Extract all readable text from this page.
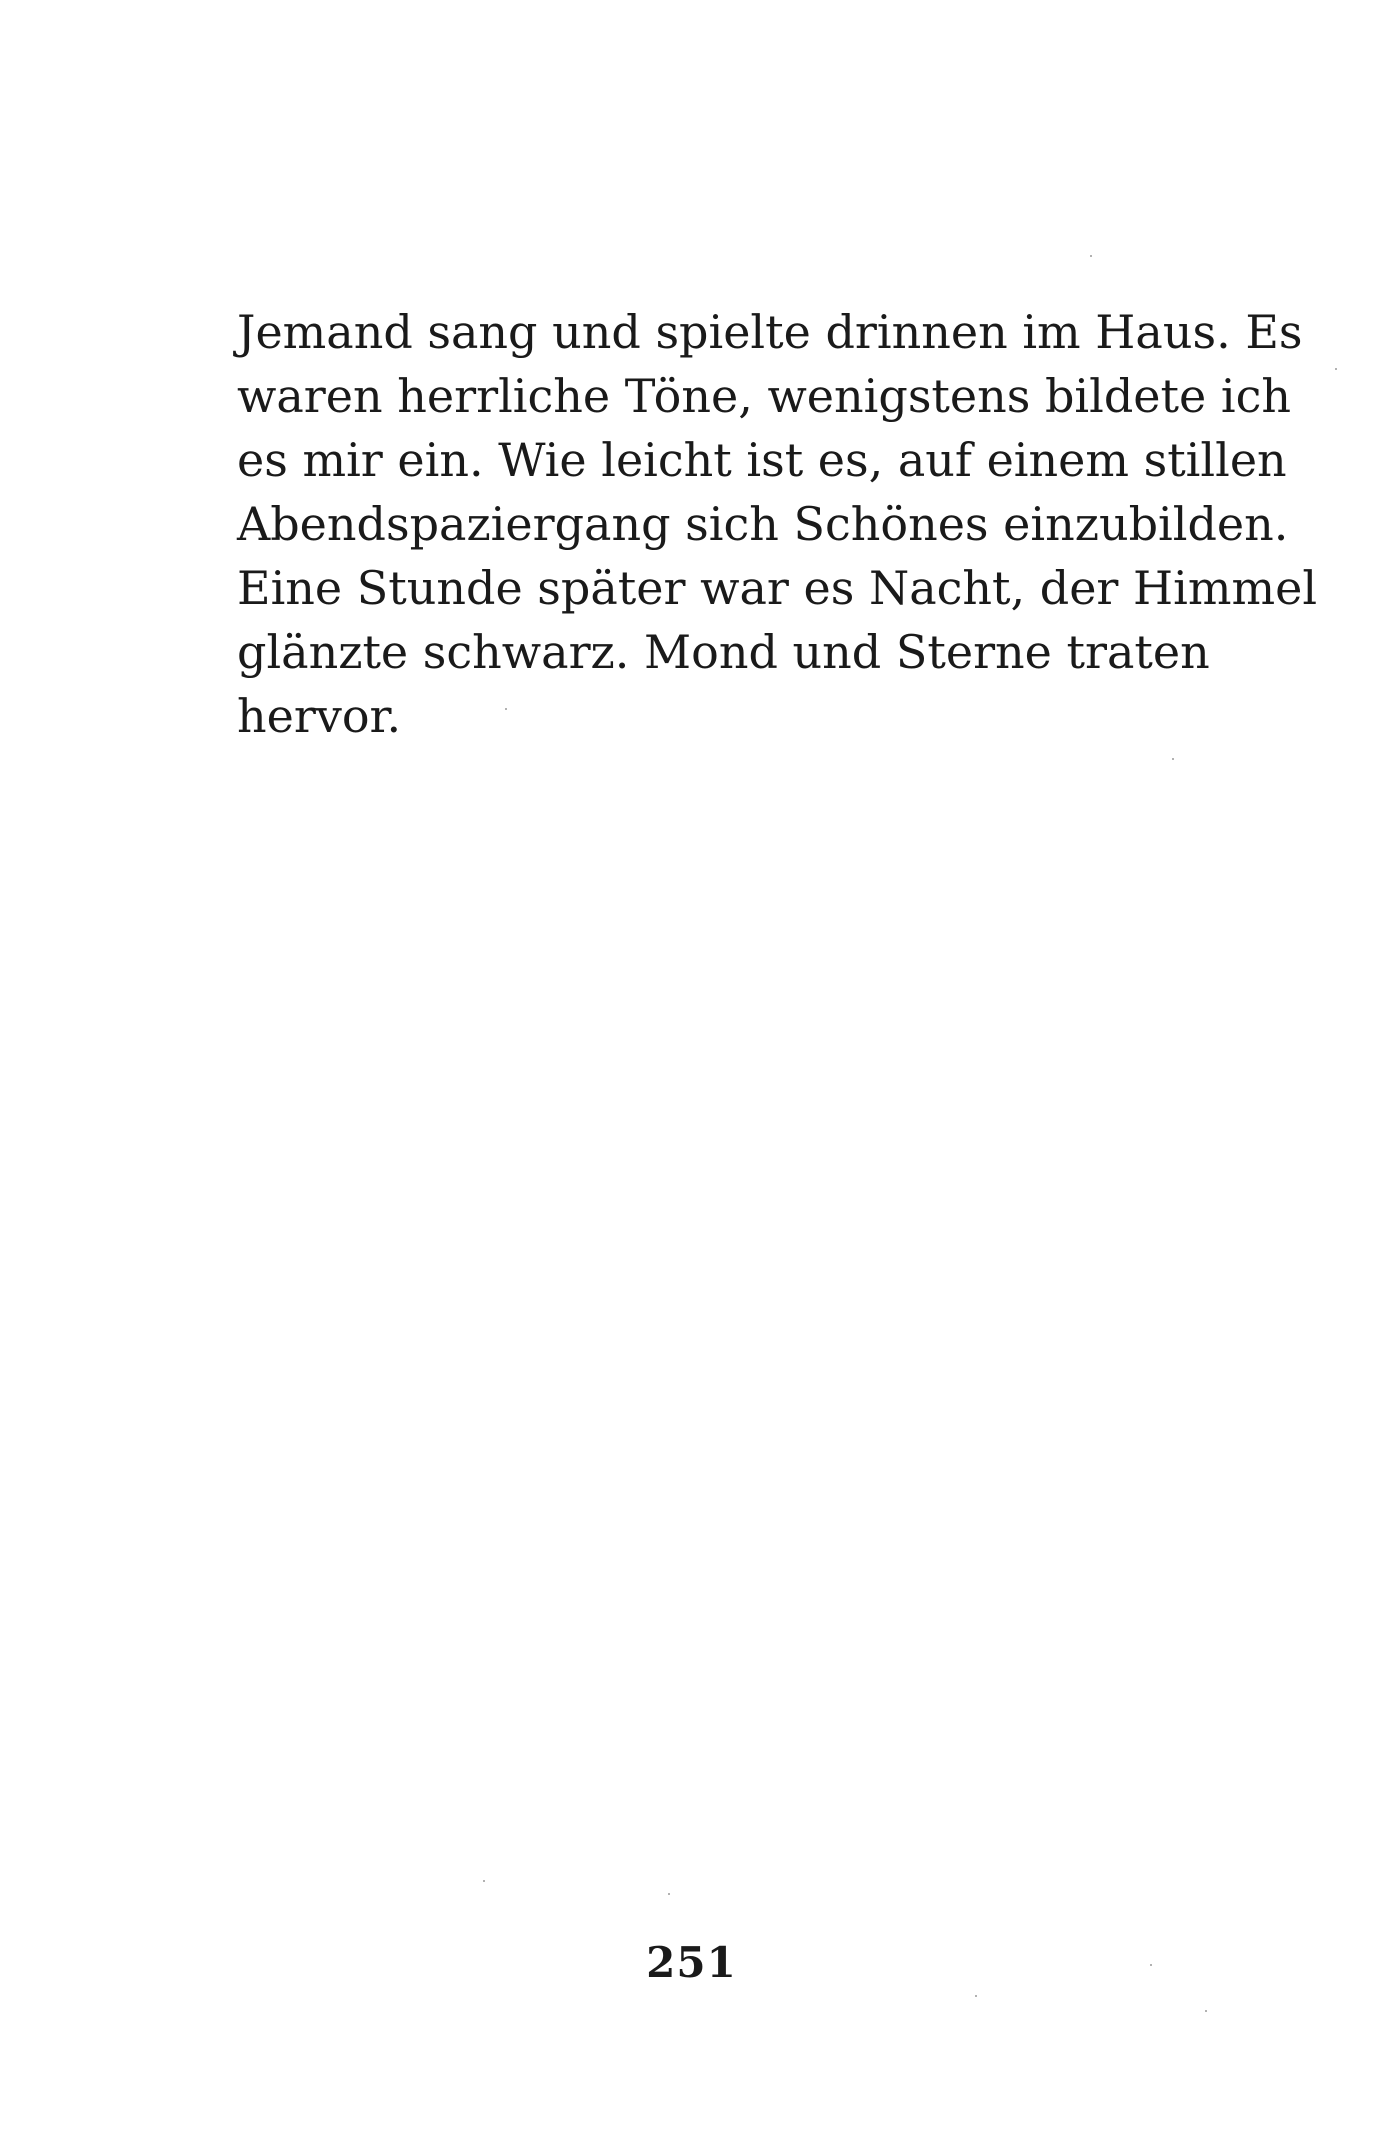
Jemand sang und spielte drinnen im Haus. Es
waren herrliche Töne, wenigstens bildete ich
es mir ein. Wie leicht ist es, auf einem stillen
Abendspaziergang sich Schönes einzubilden.
Eine Stunde später war es Nacht, der Himmel
glänzte schwarz. Mond und Sterne traten
hervor.
251
